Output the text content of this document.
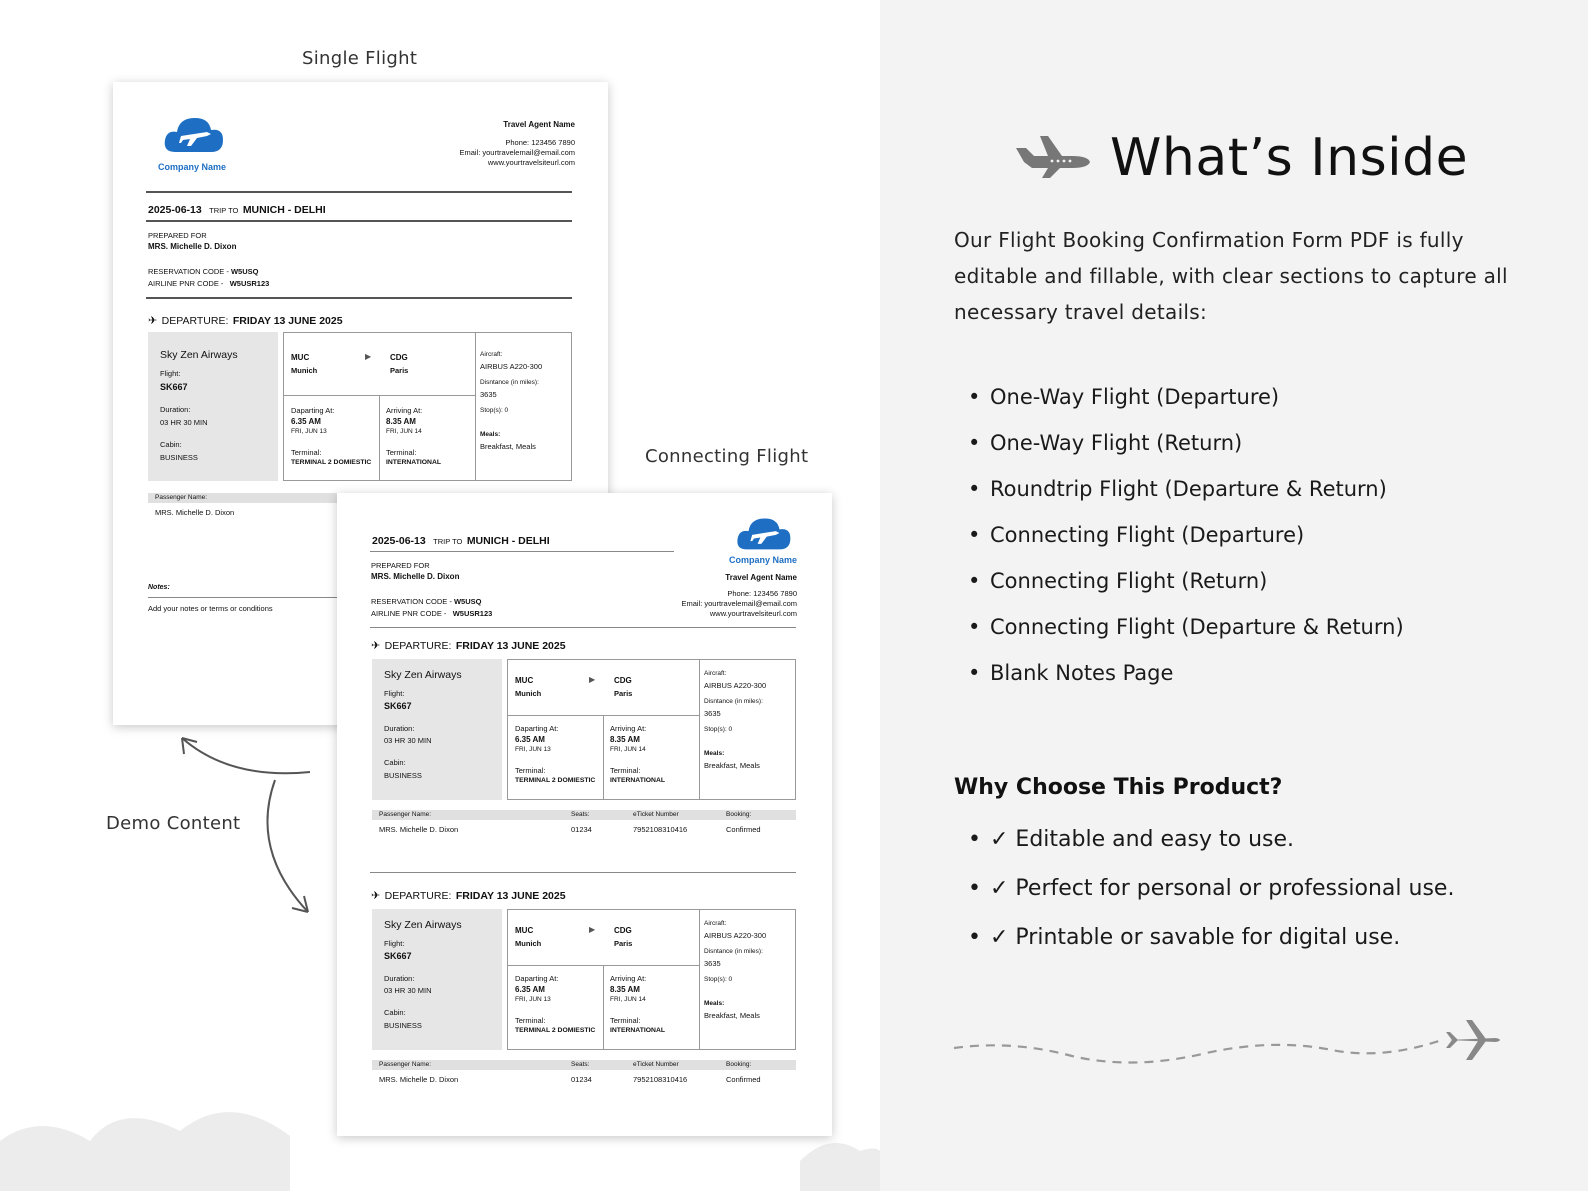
Single Flight
Connecting Flight
Demo Content
Company Name
Travel Agent Name
Phone: 123456 7890
Email: yourtravelemail@email.com
www.yourtravelsiteurl.com
2025-06-13 TRIP TO MUNICH - DELHI
PREPARED FOR
MRS. Michelle D. Dixon
RESERVATION CODE - W5USQ
AIRLINE PNR CODE - W5USR123
✈ DEPARTURE: FRIDAY 13 JUNE 2025
Sky Zen Airways
Flight:
SK667
Duration:
03 HR 30 MIN
Cabin:
BUSINESS
MUC
Munich
▶ CDG
Paris
Daparting At:
6.35 AM
FRI, JUN 13
Terminal:
TERMINAL 2 DOMIESTIC
Arriving At:
8.35 AM
FRI, JUN 14
Terminal:
INTERNATIONAL
Aircraft:
AIRBUS A220-300
Disntance (in miles):
3635
Stop(s): 0
Meals:
Breakfast, Meals
Passenger Name:
MRS. Michelle D. Dixon
Notes:
Add your notes or terms or conditions
2025-06-13 TRIP TO MUNICH - DELHI
Company Name
Travel Agent Name
Phone: 123456 7890
Email: yourtravelemail@email.com
www.yourtravelsiteurl.com
PREPARED FOR
MRS. Michelle D. Dixon
RESERVATION CODE - W5USQ
AIRLINE PNR CODE - W5USR123
✈ DEPARTURE: FRIDAY 13 JUNE 2025
Sky Zen Airways
Flight:
SK667
Duration:
03 HR 30 MIN
Cabin:
BUSINESS
MUC
Munich
▶ CDG
Paris
Daparting At:
6.35 AM
FRI, JUN 13
Terminal:
TERMINAL 2 DOMIESTIC
Arriving At:
8.35 AM
FRI, JUN 14
Terminal:
INTERNATIONAL
Aircraft:
AIRBUS A220-300
Disntance (in miles):
3635
Stop(s): 0
Meals:
Breakfast, Meals
Passenger Name:	Seats:	eTicket Number	Booking:
MRS. Michelle D. Dixon	01234	7952108310416	Confirmed
✈ DEPARTURE: FRIDAY 13 JUNE 2025
Sky Zen Airways
Flight:
SK667
Duration:
03 HR 30 MIN
Cabin:
BUSINESS
MUC
Munich
▶ CDG
Paris
Daparting At:
6.35 AM
FRI, JUN 13
Terminal:
TERMINAL 2 DOMIESTIC
Arriving At:
8.35 AM
FRI, JUN 14
Terminal:
INTERNATIONAL
Aircraft:
AIRBUS A220-300
Disntance (in miles):
3635
Stop(s): 0
Meals:
Breakfast, Meals
Passenger Name:	Seats:	eTicket Number	Booking:
MRS. Michelle D. Dixon	01234	7952108310416	Confirmed
What’s Inside
Our Flight Booking Confirmation Form PDF is fully editable and fillable, with clear sections to capture all necessary travel details:
• One-Way Flight (Departure)
• One-Way Flight (Return)
• Roundtrip Flight (Departure & Return)
• Connecting Flight (Departure)
• Connecting Flight (Return)
• Connecting Flight (Departure & Return)
• Blank Notes Page
Why Choose This Product?
• ✓ Editable and easy to use.
• ✓ Perfect for personal or professional use.
• ✓ Printable or savable for digital use.
